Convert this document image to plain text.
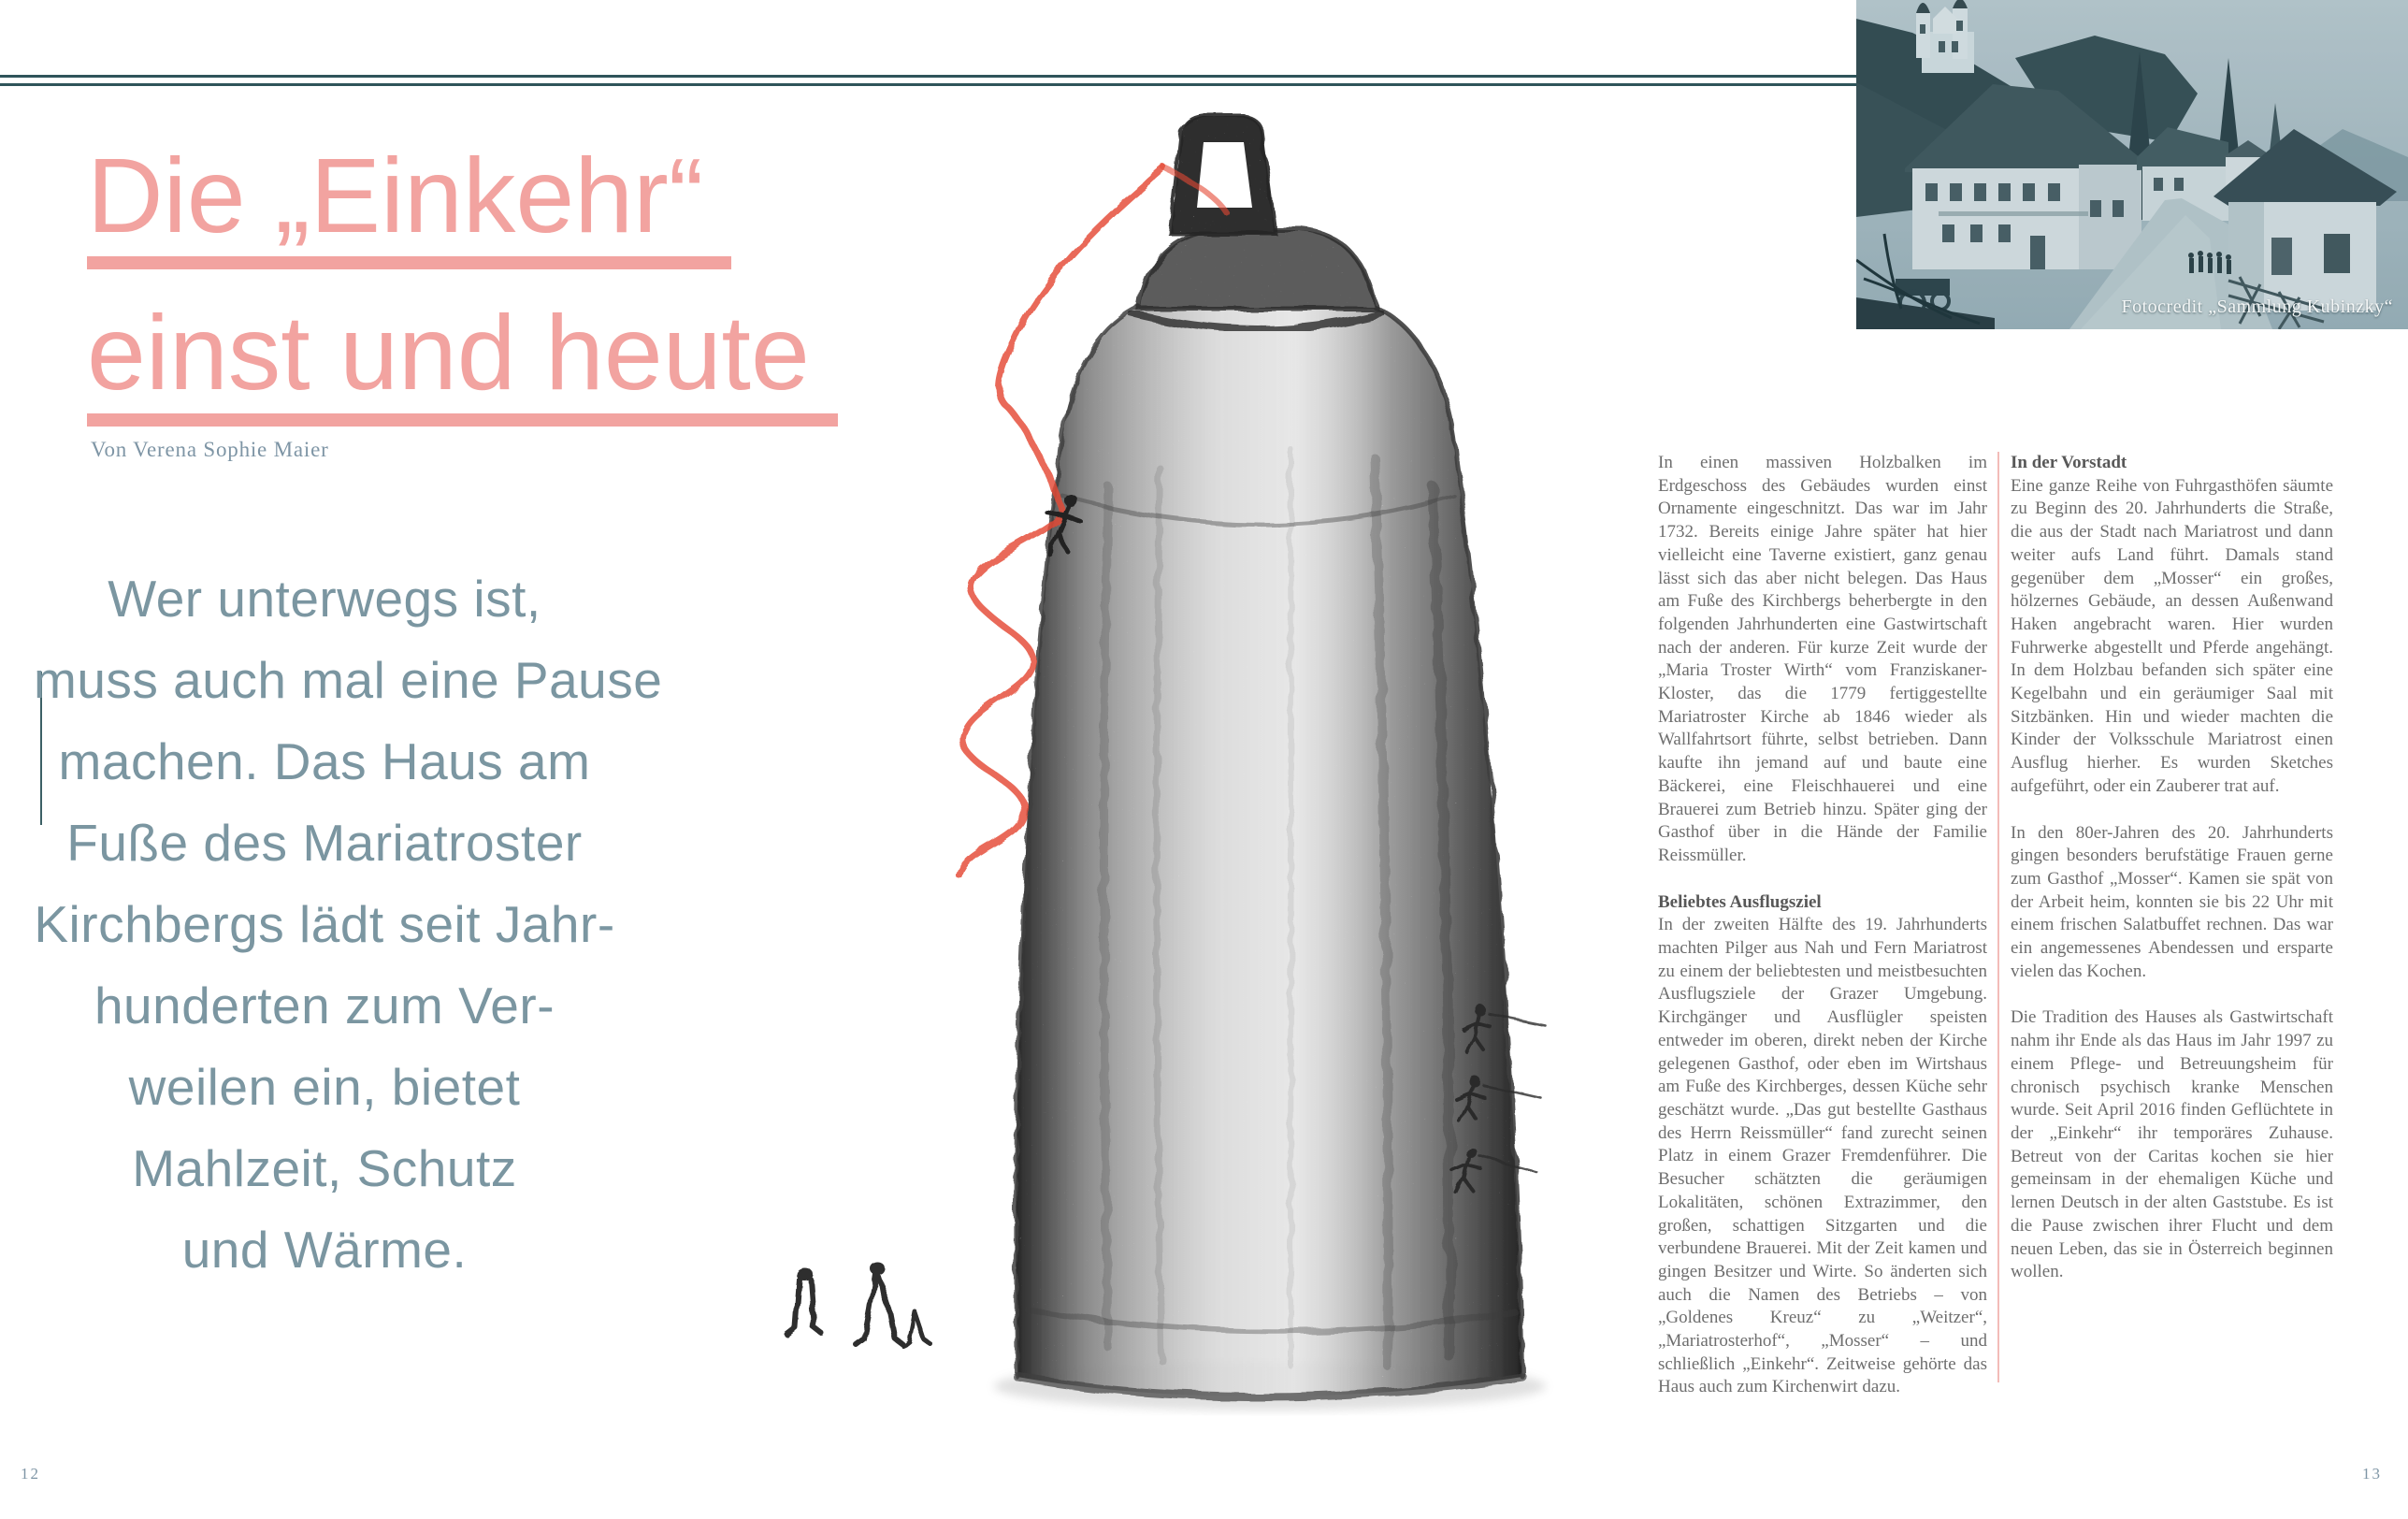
Die „Einkehr“
einst und heute
Von Verena Sophie Maier
Wer unterwegs ist,
muss auch mal eine Pause
machen. Das Haus am
Fuße des Mariatroster
Kirchbergs lädt seit Jahr-
hunderten zum Ver-
weilen ein, bietet
Mahlzeit, Schutz
und Wärme.
Fotocredit „Sammlung Kubinzky“

In einen massiven Holzbalken im Erdgeschoss des Gebäudes wurden einst Ornamente eingeschnitzt. Das war im Jahr 1732. Bereits einige Jahre später hat hier vielleicht eine Taverne existiert, ganz genau lässt sich das aber nicht belegen. Das Haus am Fuße des Kirchbergs beherbergte in den folgenden Jahrhunderten eine Gastwirtschaft nach der anderen. Für kurze Zeit wurde der „Maria Troster Wirth“ vom Franziskaner-Kloster, das die 1779 fertiggestellte Mariatroster Kirche ab 1846 wieder als Wallfahrtsort führte, selbst betrieben. Dann kaufte ihn jemand auf und baute eine Bäckerei, eine Fleischhauerei und eine Brauerei zum Betrieb hinzu. Später ging der Gasthof über in die Hände der Familie Reissmüller.

Beliebtes Ausflugsziel

In der zweiten Hälfte des 19. Jahrhunderts machten Pilger aus Nah und Fern Mariatrost zu einem der beliebtesten und meistbesuchten Ausflugsziele der Grazer Umgebung. Kirchgänger und Ausflügler speisten entweder im oberen, direkt neben der Kirche gelegenen Gasthof, oder eben im Wirtshaus am Fuße des Kirchberges, dessen Küche sehr geschätzt wurde. „Das gut bestellte Gasthaus des Herrn Reissmüller“ fand zurecht seinen Platz in einem Grazer Fremdenführer. Die Besucher schätzten die geräumigen Lokalitäten, schönen Extrazimmer, den großen, schattigen Sitzgarten und die verbundene Brauerei. Mit der Zeit kamen und gingen Besitzer und Wirte. So änderten sich auch die Namen des Betriebs – von „Goldenes Kreuz“ zu „Weitzer“, „Mariatrosterhof“, „Mosser“ – und schließlich „Einkehr“. Zeitweise gehörte das Haus auch zum Kirchenwirt dazu.

In der Vorstadt

Eine ganze Reihe von Fuhrgasthöfen säumte zu Beginn des 20. Jahrhunderts die Straße, die aus der Stadt nach Mariatrost und dann weiter aufs Land führt. Damals stand gegenüber dem „Mosser“ ein großes, hölzernes Gebäude, an dessen Außenwand Haken angebracht waren. Hier wurden Fuhrwerke abgestellt und Pferde angehängt. In dem Holzbau befanden sich später eine Kegelbahn und ein geräumiger Saal mit Sitzbänken. Hin und wieder machten die Kinder der Volksschule Mariatrost einen Ausflug hierher. Es wurden Sketches aufgeführt, oder ein Zauberer trat auf.

In den 80er-Jahren des 20. Jahrhunderts gingen besonders berufstätige Frauen gerne zum Gasthof „Mosser“. Kamen sie spät von der Arbeit heim, konnten sie bis 22 Uhr mit einem frischen Salatbuffet rechnen. Das war ein angemessenes Abendessen und ersparte vielen das Kochen.

Die Tradition des Hauses als Gastwirtschaft nahm ihr Ende als das Haus im Jahr 1997 zu einem Pflege- und Betreuungsheim für chronisch psychisch kranke Menschen wurde. Seit April 2016 finden Geflüchtete in der „Einkehr“ ihr temporäres Zuhause. Betreut von der Caritas kochen sie hier gemeinsam in der ehemaligen Küche und lernen Deutsch in der alten Gaststube. Es ist die Pause zwischen ihrer Flucht und dem neuen Leben, das sie in Österreich beginnen wollen.

12	13
